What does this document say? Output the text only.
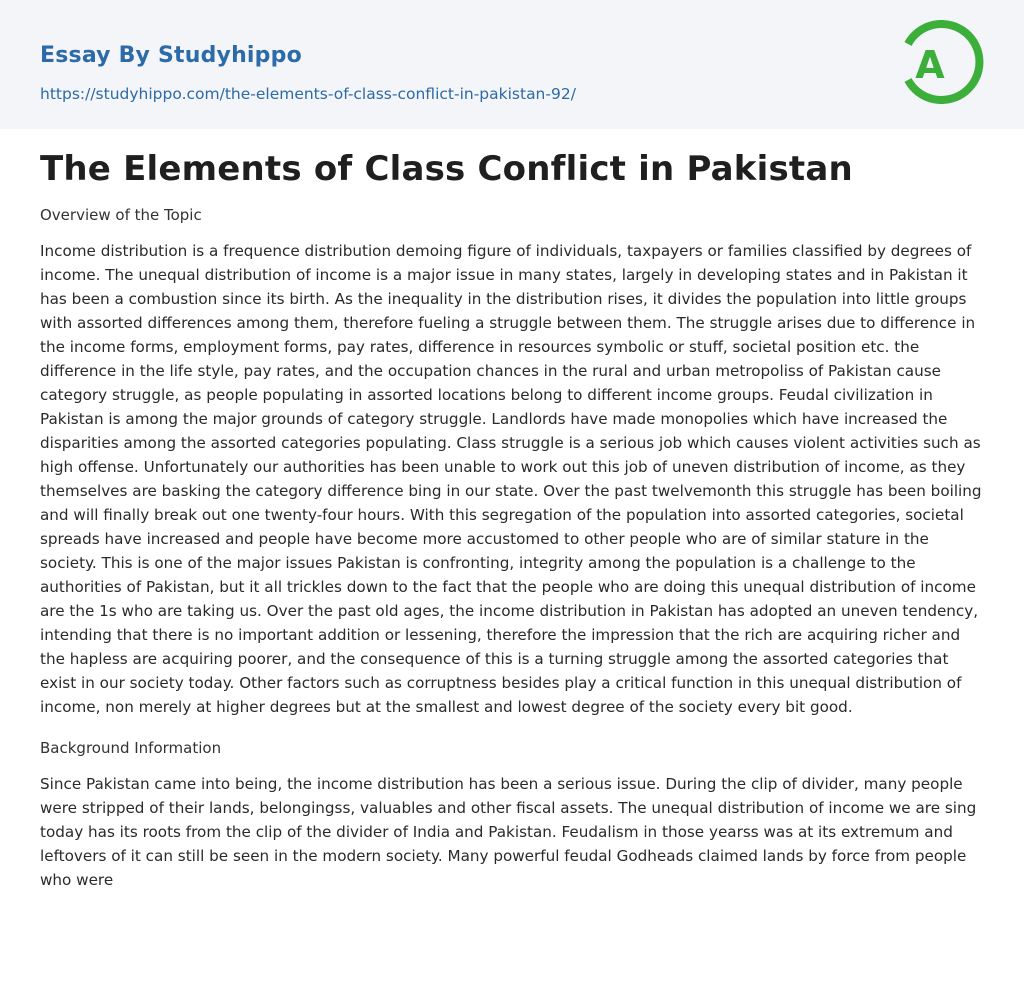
Essay By Studyhippo
https://studyhippo.com/the-elements-of-class-conflict-in-pakistan-92/
A
The Elements of Class Conflict in Pakistan

Overview of the Topic

Income distribution is a frequence distribution demoing figure of individuals, taxpayers or families classified by degrees of income. The unequal distribution of income is a major issue in many states, largely in developing states and in Pakistan it has been a combustion since its birth. As the inequality in the distribution rises, it divides the population into little groups with assorted differences among them, therefore fueling a struggle between them. The struggle arises due to difference in the income forms, employment forms, pay rates, difference in resources symbolic or stuff, societal position etc. the difference in the life style, pay rates, and the occupation chances in the rural and urban metropoliss of Pakistan cause category struggle, as people populating in assorted locations belong to different income groups. Feudal civilization in Pakistan is among the major grounds of category struggle. Landlords have made monopolies which have increased the disparities among the assorted categories populating. Class struggle is a serious job which causes violent activities such as high offense. Unfortunately our authorities has been unable to work out this job of uneven distribution of income, as they themselves are basking the category difference bing in our state. Over the past twelvemonth this struggle has been boiling and will finally break out one twenty-four hours. With this segregation of the population into assorted categories, societal spreads have increased and people have become more accustomed to other people who are of similar stature in the society. This is one of the major issues Pakistan is confronting, integrity among the population is a challenge to the authorities of Pakistan, but it all trickles down to the fact that the people who are doing this unequal distribution of income are the 1s who are taking us. Over the past old ages, the income distribution in Pakistan has adopted an uneven tendency, intending that there is no important addition or lessening, therefore the impression that the rich are acquiring richer and the hapless are acquiring poorer, and the consequence of this is a turning struggle among the assorted categories that exist in our society today. Other factors such as corruptness besides play a critical function in this unequal distribution of income, non merely at higher degrees but at the smallest and lowest degree of the society every bit good.

Background Information

Since Pakistan came into being, the income distribution has been a serious issue. During the clip of divider, many people were stripped of their lands, belongingss, valuables and other fiscal assets. The unequal distribution of income we are sing today has its roots from the clip of the divider of India and Pakistan. Feudalism in those yearss was at its extremum and leftovers of it can still be seen in the modern society. Many powerful feudal Godheads claimed lands by force from people who were
